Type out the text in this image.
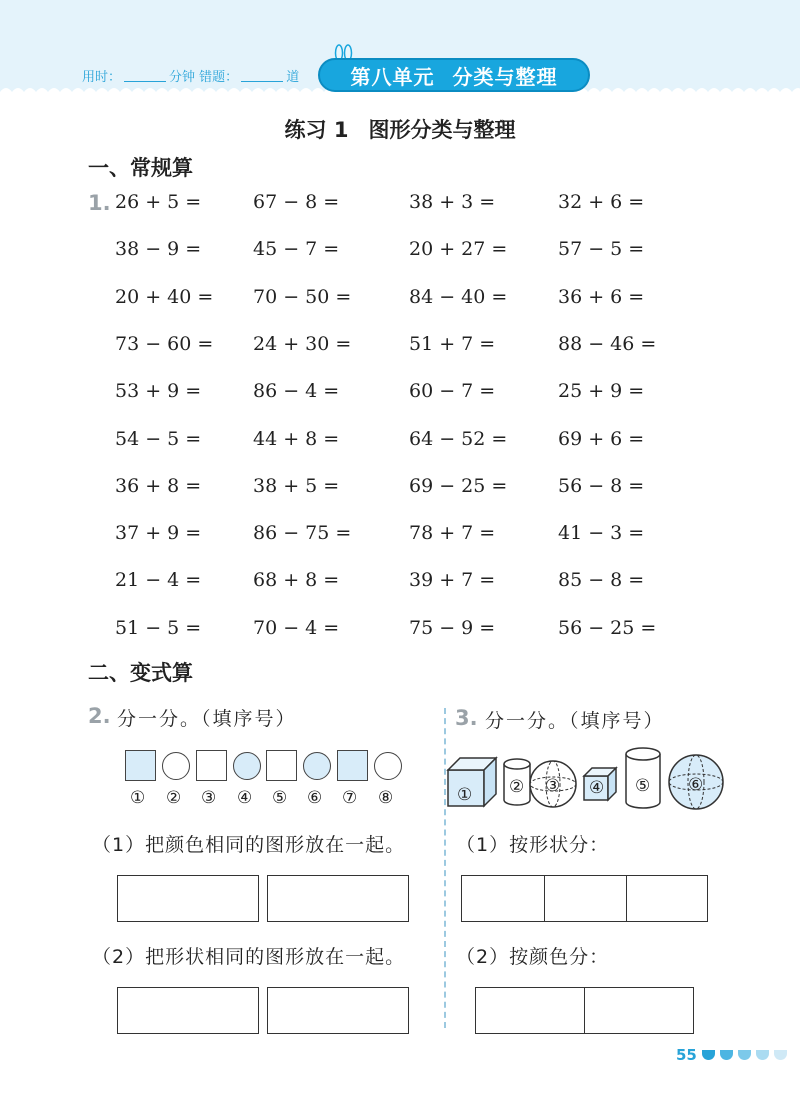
用时：	分钟 错题：	道	第八单元 分类与整理
练习 1 图形分类与整理
一、常规算
1. 26 + 5 =	67 − 8 =	38 + 3 =	32 + 6 =
38 − 9 =	45 − 7 =	20 + 27 =	57 − 5 =
20 + 40 = 70 − 50 =	84 − 40 =	36 + 6 =
73 − 60 = 24 + 30 =	51 + 7 =	88 − 46 =
53 + 9 =	86 − 4 =	60 − 7 =	25 + 9 =
54 − 5 =	44 + 8 =	64 − 52 =	69 + 6 =
36 + 8 =	38 + 5 =	69 − 25 =	56 − 8 =
37 + 9 =	86 − 75 =	78 + 7 =	41 − 3 =
21 − 4 =	68 + 8 =	39 + 7 =	85 − 8 =
51 − 5 =	70 − 4 =	75 − 9 =	56 − 25 =
二、变式算
2. 分一分。（填序号）	3. 分一分。（填序号）
① ② ③ ④ ⑤ ⑥ ⑦ ⑧	① ② ③ ④ ⑤ ⑥
（1）把颜色相同的图形放在一起。	（1）按形状分：
（2）把形状相同的图形放在一起。	（2）按颜色分：
55
